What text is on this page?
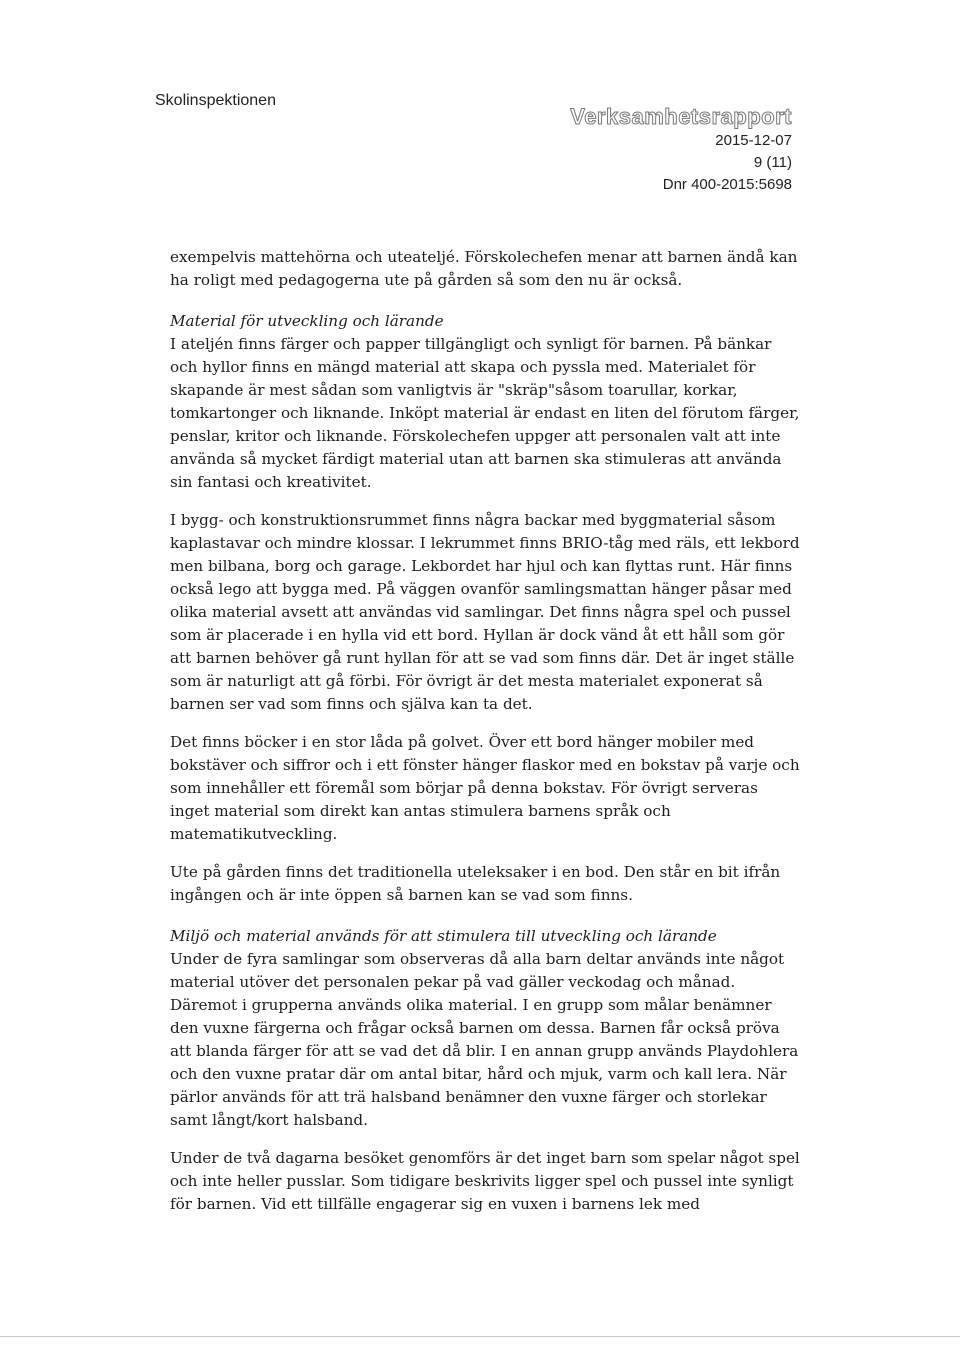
Skolinspektionen
Verksamhetsrapport
2015-12-07
9 (11)
Dnr 400-2015:5698

exempelvis mattehörna och uteatelјé. Förskolechefen menar att barnen ändå kan ha roligt med pedagogerna ute på gården så som den nu är också.

Material för utveckling och lärande
I ateljén finns färger och papper tillgängligt och synligt för barnen. På bänkar och hyllor finns en mängd material att skapa och pyssla med. Materialet för skapande är mest sådan som vanligtvis är "skräp"såsom toarullar, korkar, tomkartonger och liknande. Inköpt material är endast en liten del förutom färger, penslar, kritor och liknande. Förskolechefen uppger att personalen valt att inte använda så mycket färdigt material utan att barnen ska stimuleras att använda sin fantasi och kreativitet.

I bygg- och konstruktionsrummet finns några backar med byggmaterial såsom kaplastavar och mindre klossar. I lekrummet finns BRIO-tåg med räls, ett lekbord men bilbana, borg och garage. Lekbordet har hjul och kan flyttas runt. Här finns också lego att bygga med. På väggen ovanför samlingsmattan hänger påsar med olika material avsett att användas vid samlingar. Det finns några spel och pussel som är placerade i en hylla vid ett bord. Hyllan är dock vänd åt ett håll som gör att barnen behöver gå runt hyllan för att se vad som finns där. Det är inget ställe som är naturligt att gå förbi. För övrigt är det mesta materialet exponerat så barnen ser vad som finns och själva kan ta det.

Det finns böcker i en stor låda på golvet. Över ett bord hänger mobiler med bokstäver och siffror och i ett fönster hänger flaskor med en bokstav på varje och som innehåller ett föremål som börjar på denna bokstav. För övrigt serveras inget material som direkt kan antas stimulera barnens språk och matematikutveckling.

Ute på gården finns det traditionella uteleksaker i en bod. Den står en bit ifrån ingången och är inte öppen så barnen kan se vad som finns.

Miljö och material används för att stimulera till utveckling och lärande
Under de fyra samlingar som observeras då alla barn deltar används inte något material utöver det personalen pekar på vad gäller veckodag och månad. Däremot i grupperna används olika material. I en grupp som målar benämner den vuxne färgerna och frågar också barnen om dessa. Barnen får också pröva att blanda färger för att se vad det då blir. I en annan grupp används Playdohlera och den vuxne pratar där om antal bitar, hård och mjuk, varm och kall lera. När pärlor används för att trä halsband benämner den vuxne färger och storlekar samt långt/kort halsband.

Under de två dagarna besöket genomförs är det inget barn som spelar något spel och inte heller pusslar. Som tidigare beskrivits ligger spel och pussel inte synligt för barnen. Vid ett tillfälle engagerar sig en vuxen i barnens lek med
